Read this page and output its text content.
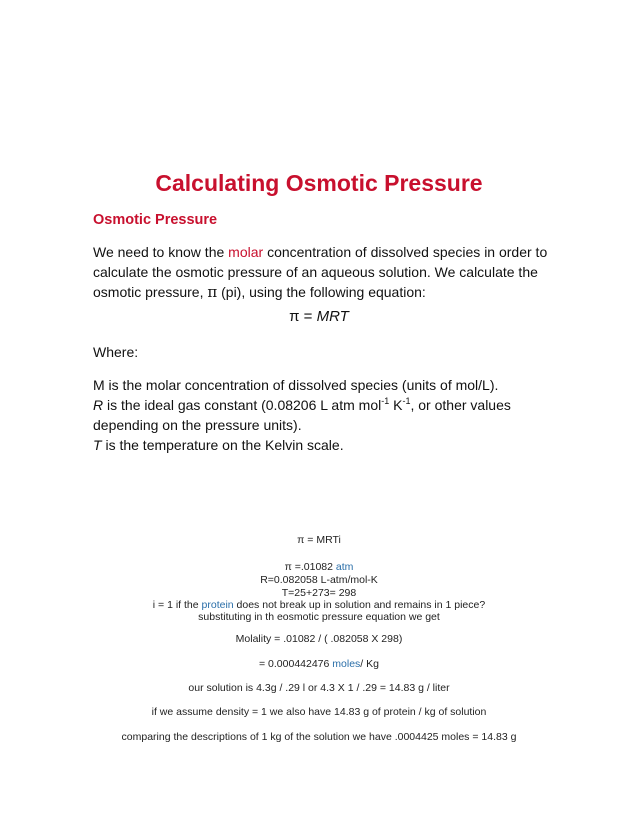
Calculating Osmotic Pressure
Osmotic Pressure
We need to know the molar concentration of dissolved species in order to calculate the osmotic pressure of an aqueous solution. We calculate the osmotic pressure, π (pi), using the following equation:
π = MRT
Where:
M is the molar concentration of dissolved species (units of mol/L).
R is the ideal gas constant (0.08206 L atm mol$^{-1}$ $K^{-1}$, or other values depending on the pressure units).
T is the temperature on the Kelvin scale.
π = MRTi
π =.01082 atm
R=0.082058 L-atm/mol-K
T=25+273= 298
i = 1 if the protein does not break up in solution and remains in 1 piece?
substituting in th eosmotic pressure equation we get
Molality = .01082 / ( .082058 X 298)
= 0.000442476 moles/ Kg
our solution is 4.3g / .29 l or 4.3 X 1 / .29 = 14.83 g / liter
if we assume density = 1 we also have 14.83 g of protein / kg of solution
comparing the descriptions of 1 kg of the solution we have .0004425 moles = 14.83 g
